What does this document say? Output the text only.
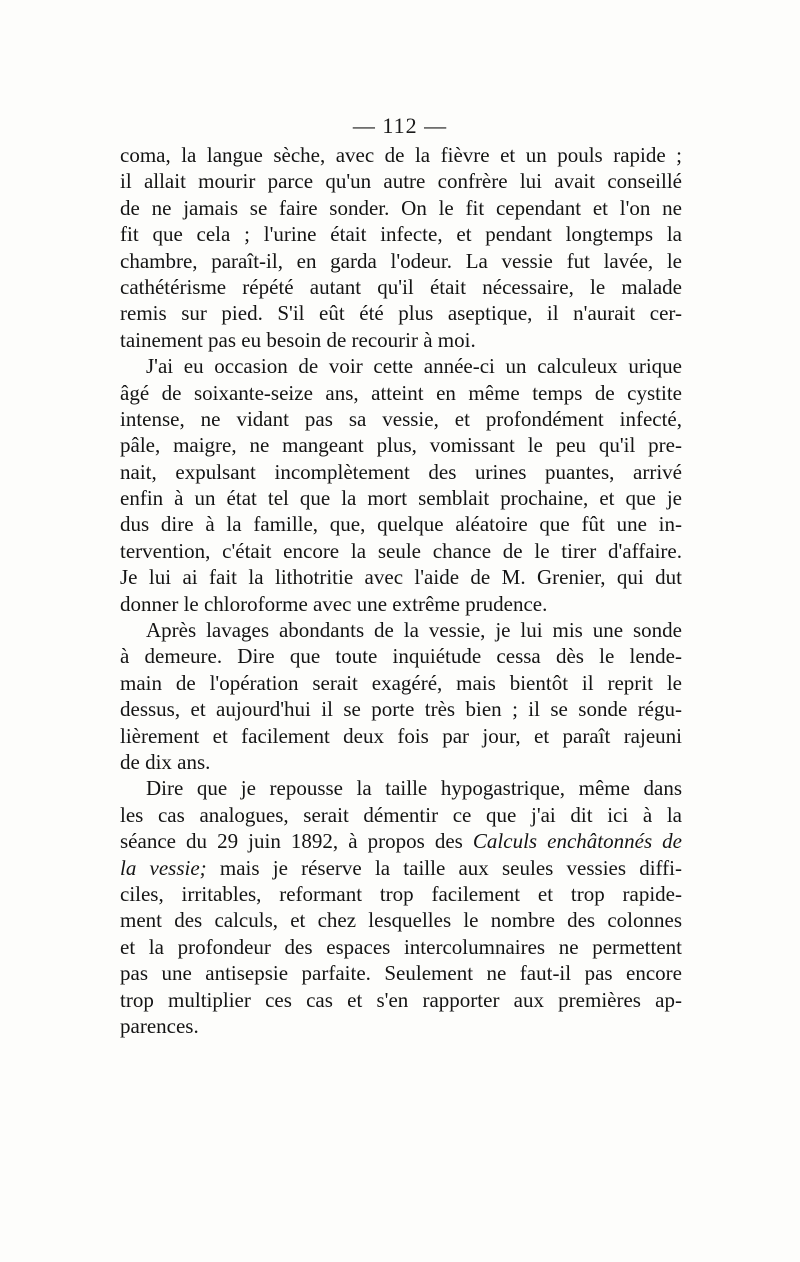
— 112 —
coma, la langue sèche, avec de la fièvre et un pouls rapide ;
il allait mourir parce qu'un autre confrère lui avait conseillé
de ne jamais se faire sonder. On le fit cependant et l'on ne
fit que cela ; l'urine était infecte, et pendant longtemps la
chambre, paraît-il, en garda l'odeur. La vessie fut lavée, le
cathétérisme répété autant qu'il était nécessaire, le malade
remis sur pied. S'il eût été plus aseptique, il n'aurait cer-
tainement pas eu besoin de recourir à moi.
J'ai eu occasion de voir cette année-ci un calculeux urique
âgé de soixante-seize ans, atteint en même temps de cystite
intense, ne vidant pas sa vessie, et profondément infecté,
pâle, maigre, ne mangeant plus, vomissant le peu qu'il pre-
nait, expulsant incomplètement des urines puantes, arrivé
enfin à un état tel que la mort semblait prochaine, et que je
dus dire à la famille, que, quelque aléatoire que fût une in-
tervention, c'était encore la seule chance de le tirer d'affaire.
Je lui ai fait la lithotritie avec l'aide de M. Grenier, qui dut
donner le chloroforme avec une extrême prudence.
Après lavages abondants de la vessie, je lui mis une sonde
à demeure. Dire que toute inquiétude cessa dès le lende-
main de l'opération serait exagéré, mais bientôt il reprit le
dessus, et aujourd'hui il se porte très bien ; il se sonde régu-
lièrement et facilement deux fois par jour, et paraît rajeuni
de dix ans.
Dire que je repousse la taille hypogastrique, même dans
les cas analogues, serait démentir ce que j'ai dit ici à la
séance du 29 juin 1892, à propos des Calculs enchâtonnés de
la vessie; mais je réserve la taille aux seules vessies diffi-
ciles, irritables, reformant trop facilement et trop rapide-
ment des calculs, et chez lesquelles le nombre des colonnes
et la profondeur des espaces intercolumnaires ne permettent
pas une antisepsie parfaite. Seulement ne faut-il pas encore
trop multiplier ces cas et s'en rapporter aux premières ap-
parences.
